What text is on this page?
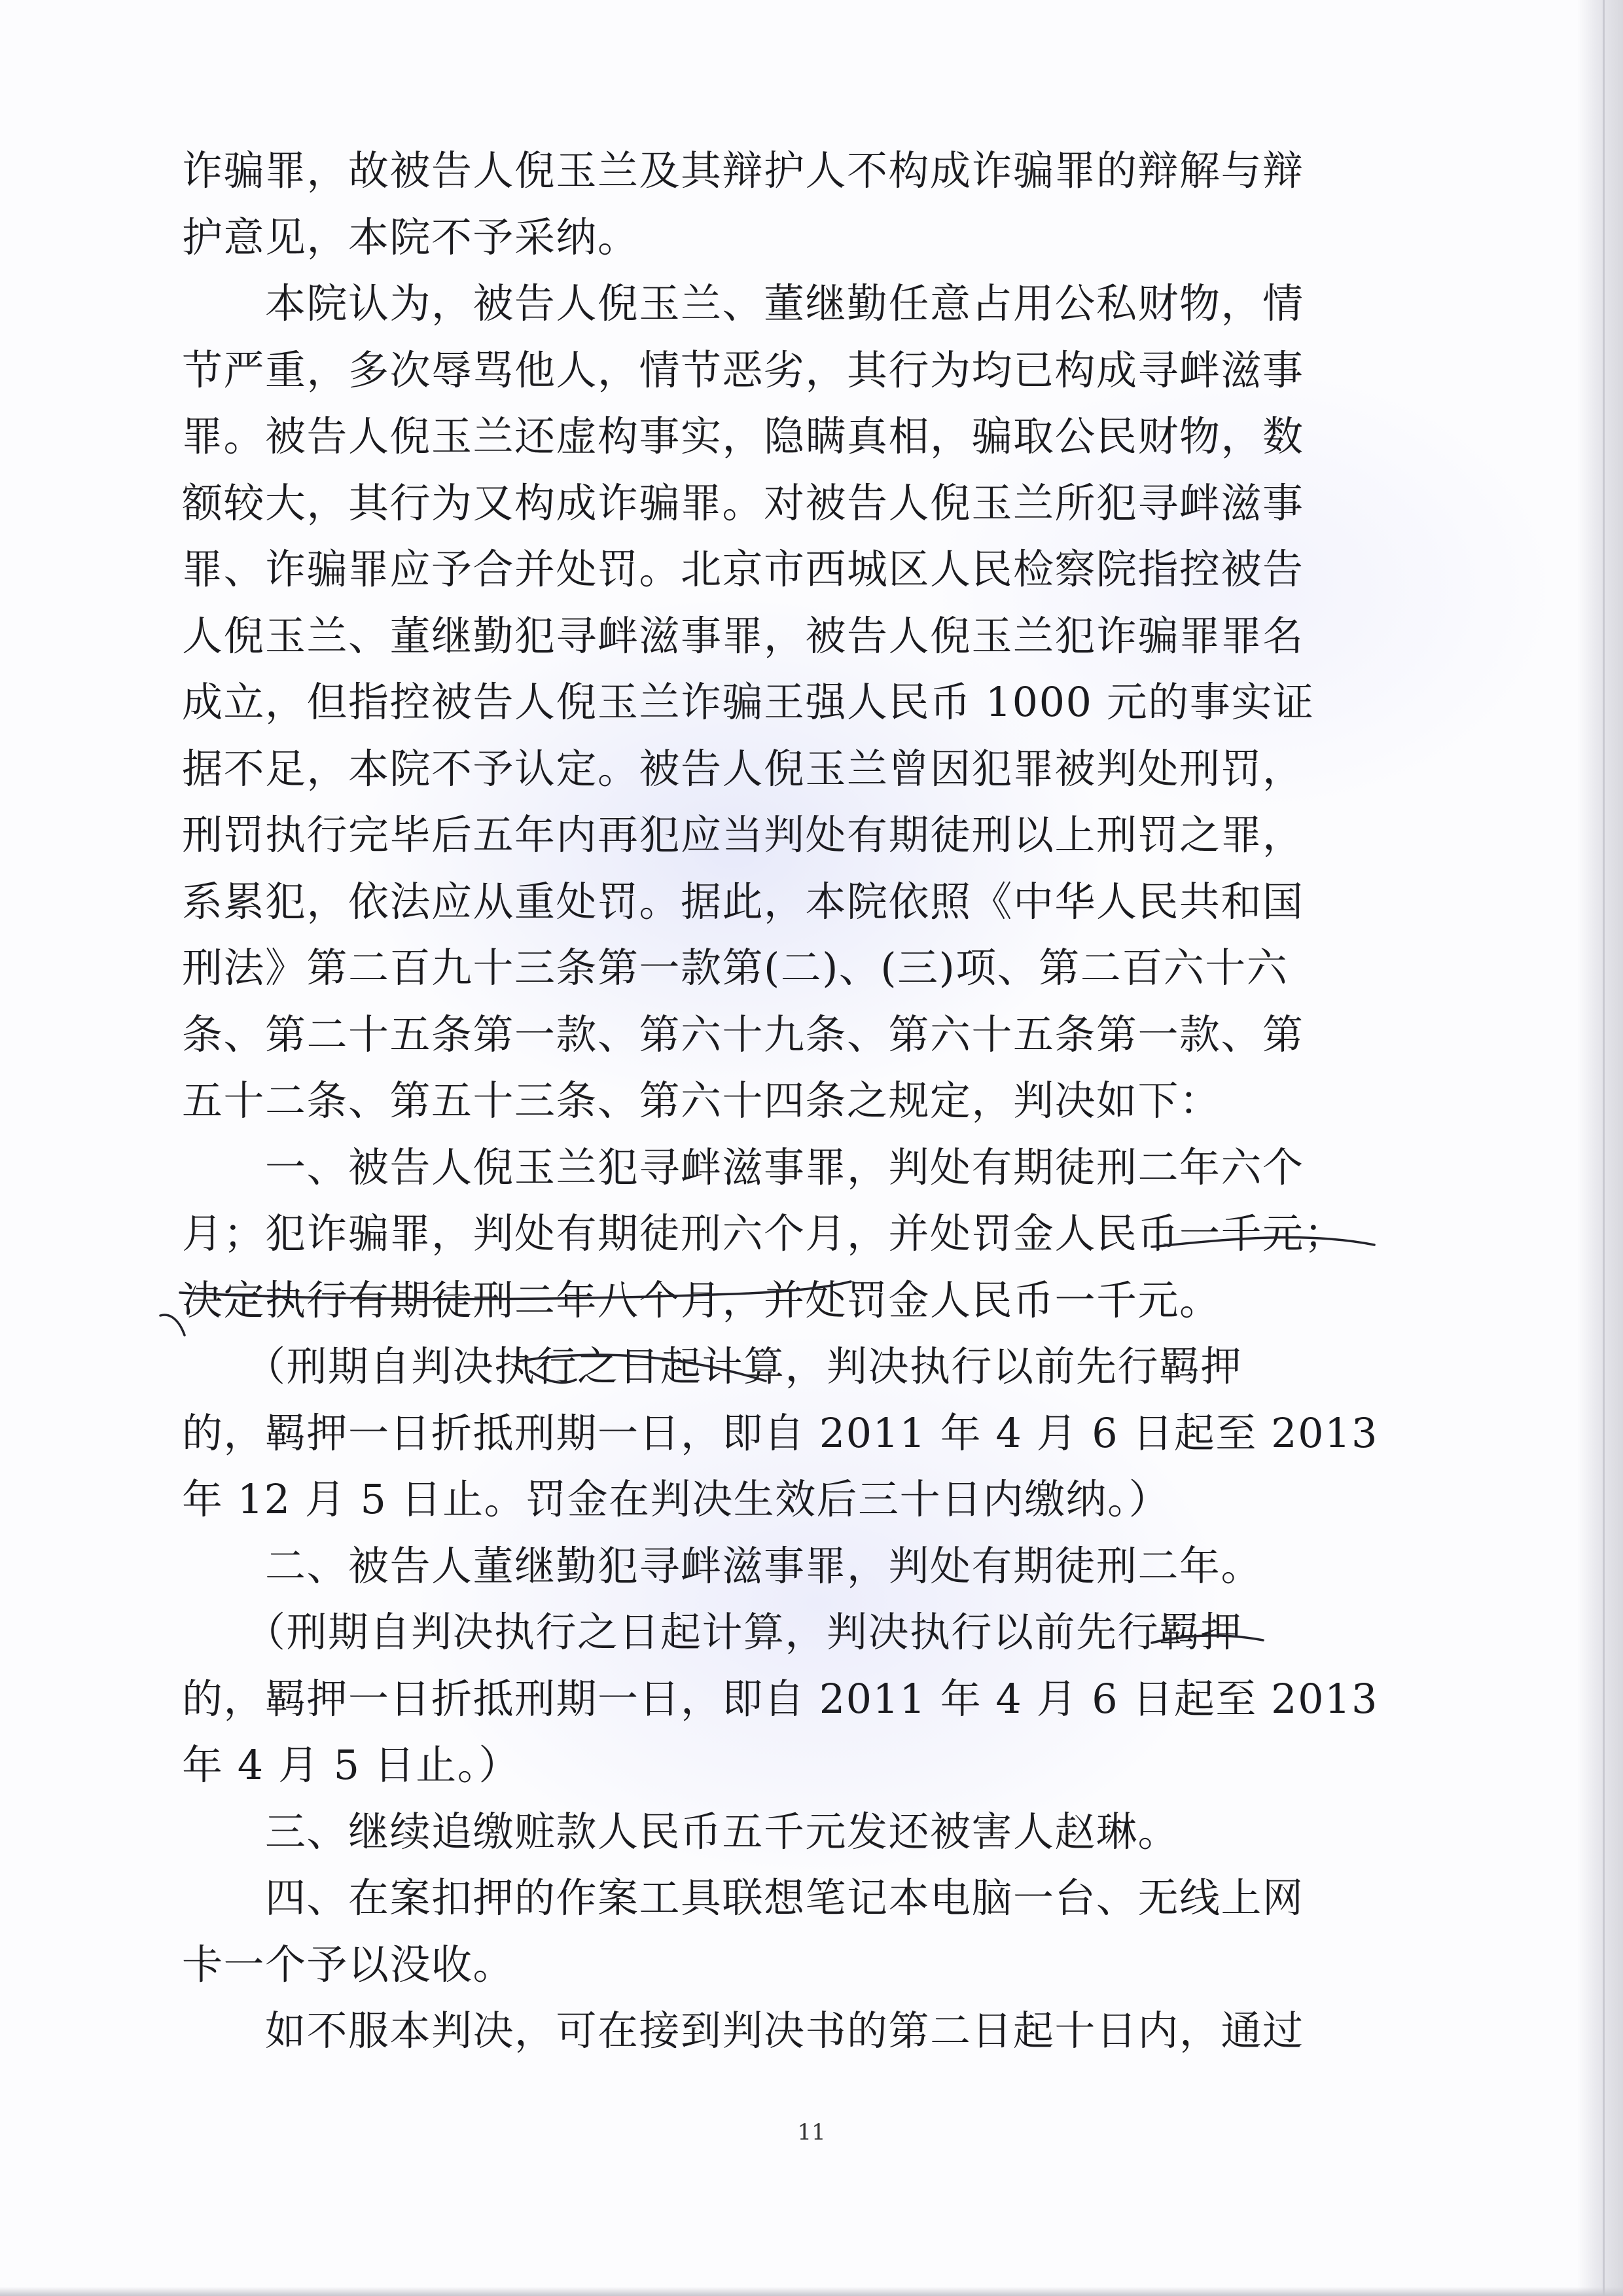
诈骗罪，故被告人倪玉兰及其辩护人不构成诈骗罪的辩解与辩
护意见，本院不予采纳。
　　本院认为，被告人倪玉兰、董继勤任意占用公私财物，情
节严重，多次辱骂他人，情节恶劣，其行为均已构成寻衅滋事
罪。被告人倪玉兰还虚构事实，隐瞒真相，骗取公民财物，数
额较大，其行为又构成诈骗罪。对被告人倪玉兰所犯寻衅滋事
罪、诈骗罪应予合并处罚。北京市西城区人民检察院指控被告
人倪玉兰、董继勤犯寻衅滋事罪，被告人倪玉兰犯诈骗罪罪名
成立，但指控被告人倪玉兰诈骗王强人民币 1000 元的事实证
据不足，本院不予认定。被告人倪玉兰曾因犯罪被判处刑罚，
刑罚执行完毕后五年内再犯应当判处有期徒刑以上刑罚之罪，
系累犯，依法应从重处罚。据此，本院依照《中华人民共和国
刑法》第二百九十三条第一款第(二)、(三)项、第二百六十六
条、第二十五条第一款、第六十九条、第六十五条第一款、第
五十二条、第五十三条、第六十四条之规定，判决如下：
　　一、被告人倪玉兰犯寻衅滋事罪，判处有期徒刑二年六个
月；犯诈骗罪，判处有期徒刑六个月，并处罚金人民币一千元；
决定执行有期徒刑二年八个月，并处罚金人民币一千元。
　　（刑期自判决执行之日起计算，判决执行以前先行羁押
的，羁押一日折抵刑期一日，即自 2011 年 4 月 6 日起至 2013
年 12 月 5 日止。罚金在判决生效后三十日内缴纳。）
　　二、被告人董继勤犯寻衅滋事罪，判处有期徒刑二年。
　　（刑期自判决执行之日起计算，判决执行以前先行羁押
的，羁押一日折抵刑期一日，即自 2011 年 4 月 6 日起至 2013
年 4 月 5 日止。）
　　三、继续追缴赃款人民币五千元发还被害人赵琳。
　　四、在案扣押的作案工具联想笔记本电脑一台、无线上网
卡一个予以没收。
　　如不服本判决，可在接到判决书的第二日起十日内，通过
11
